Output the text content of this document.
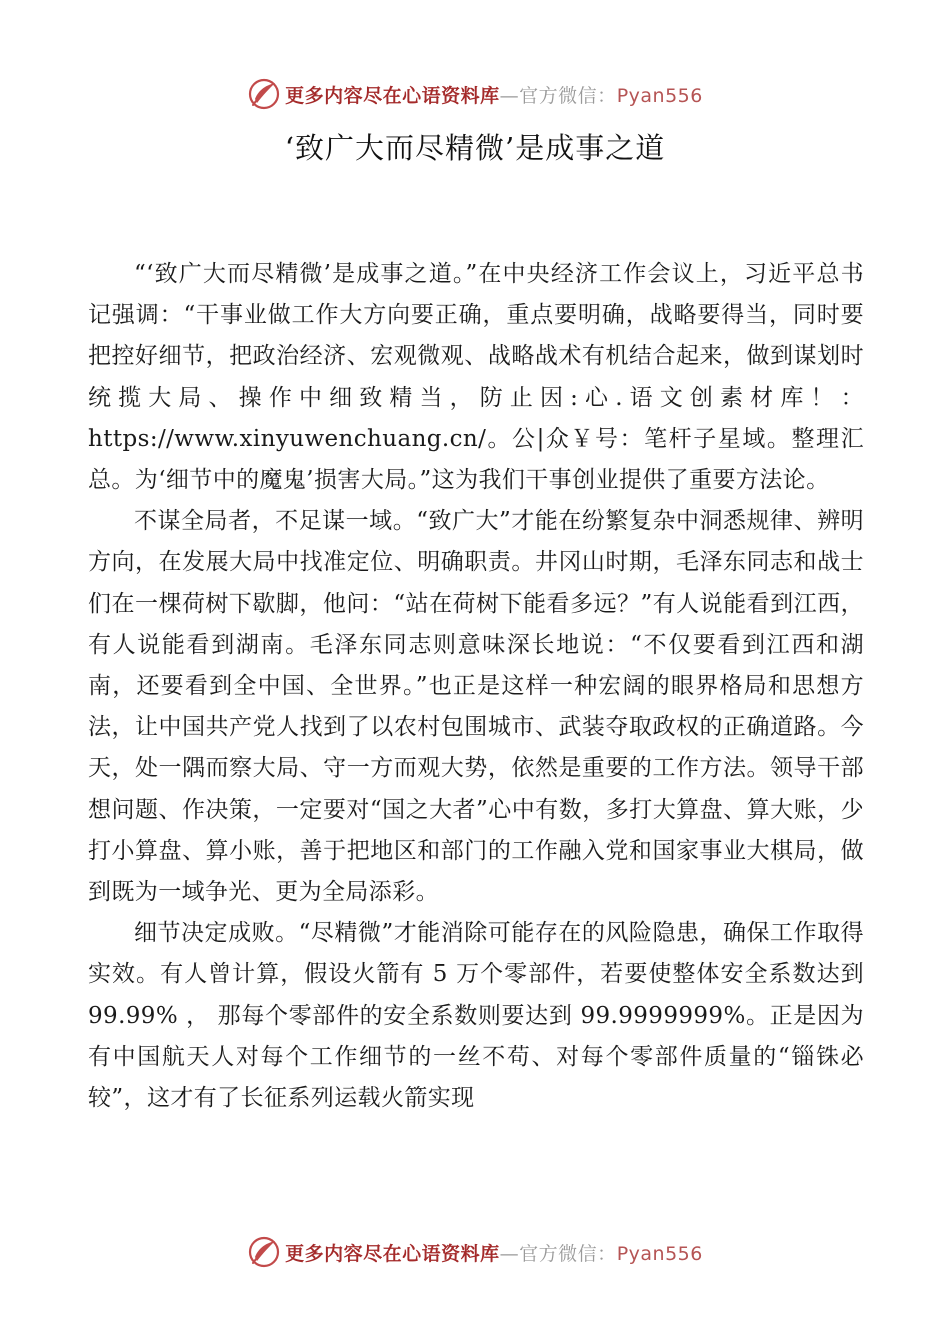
更多内容尽在心语资料库—官方微信：Pyan556
‘致广大而尽精微’是成事之道

“‘致广大而尽精微’是成事之道。”在中央经济工作会议上，习近平总书记强调：“干事业做工作大方向要正确，重点要明确，战略要得当，同时要把控好细节，把政治经济、宏观微观、战略战术有机结合起来，做到谋划时统揽大局、操作中细致精当，防止因:心.语文创素材库！：https://www.xinyuwenchuang.cn/。公|众￥号：笔杆子星域。整理汇总。为‘细节中的魔鬼’损害大局。”这为我们干事创业提供了重要方法论。

不谋全局者，不足谋一域。“致广大”才能在纷繁复杂中洞悉规律、辨明方向，在发展大局中找准定位、明确职责。井冈山时期，毛泽东同志和战士们在一棵荷树下歇脚，他问：“站在荷树下能看多远？”有人说能看到江西，有人说能看到湖南。毛泽东同志则意味深长地说：“不仅要看到江西和湖南，还要看到全中国、全世界。”也正是这样一种宏阔的眼界格局和思想方法，让中国共产党人找到了以农村包围城市、武装夺取政权的正确道路。今天，处一隅而察大局、守一方而观大势，依然是重要的工作方法。领导干部想问题、作决策，一定要对“国之大者”心中有数，多打大算盘、算大账，少打小算盘、算小账，善于把地区和部门的工作融入党和国家事业大棋局，做到既为一域争光、更为全局添彩。

细节决定成败。“尽精微”才能消除可能存在的风险隐患，确保工作取得实效。有人曾计算，假设火箭有 5 万个零部件，若要使整体安全系数达到 99.99% ， 那每个零部件的安全系数则要达到 99.9999999%。正是因为有中国航天人对每个工作细节的一丝不苟、对每个零部件质量的“锱铢必较”，这才有了长征系列运载火箭实现

更多内容尽在心语资料库—官方微信：Pyan556
